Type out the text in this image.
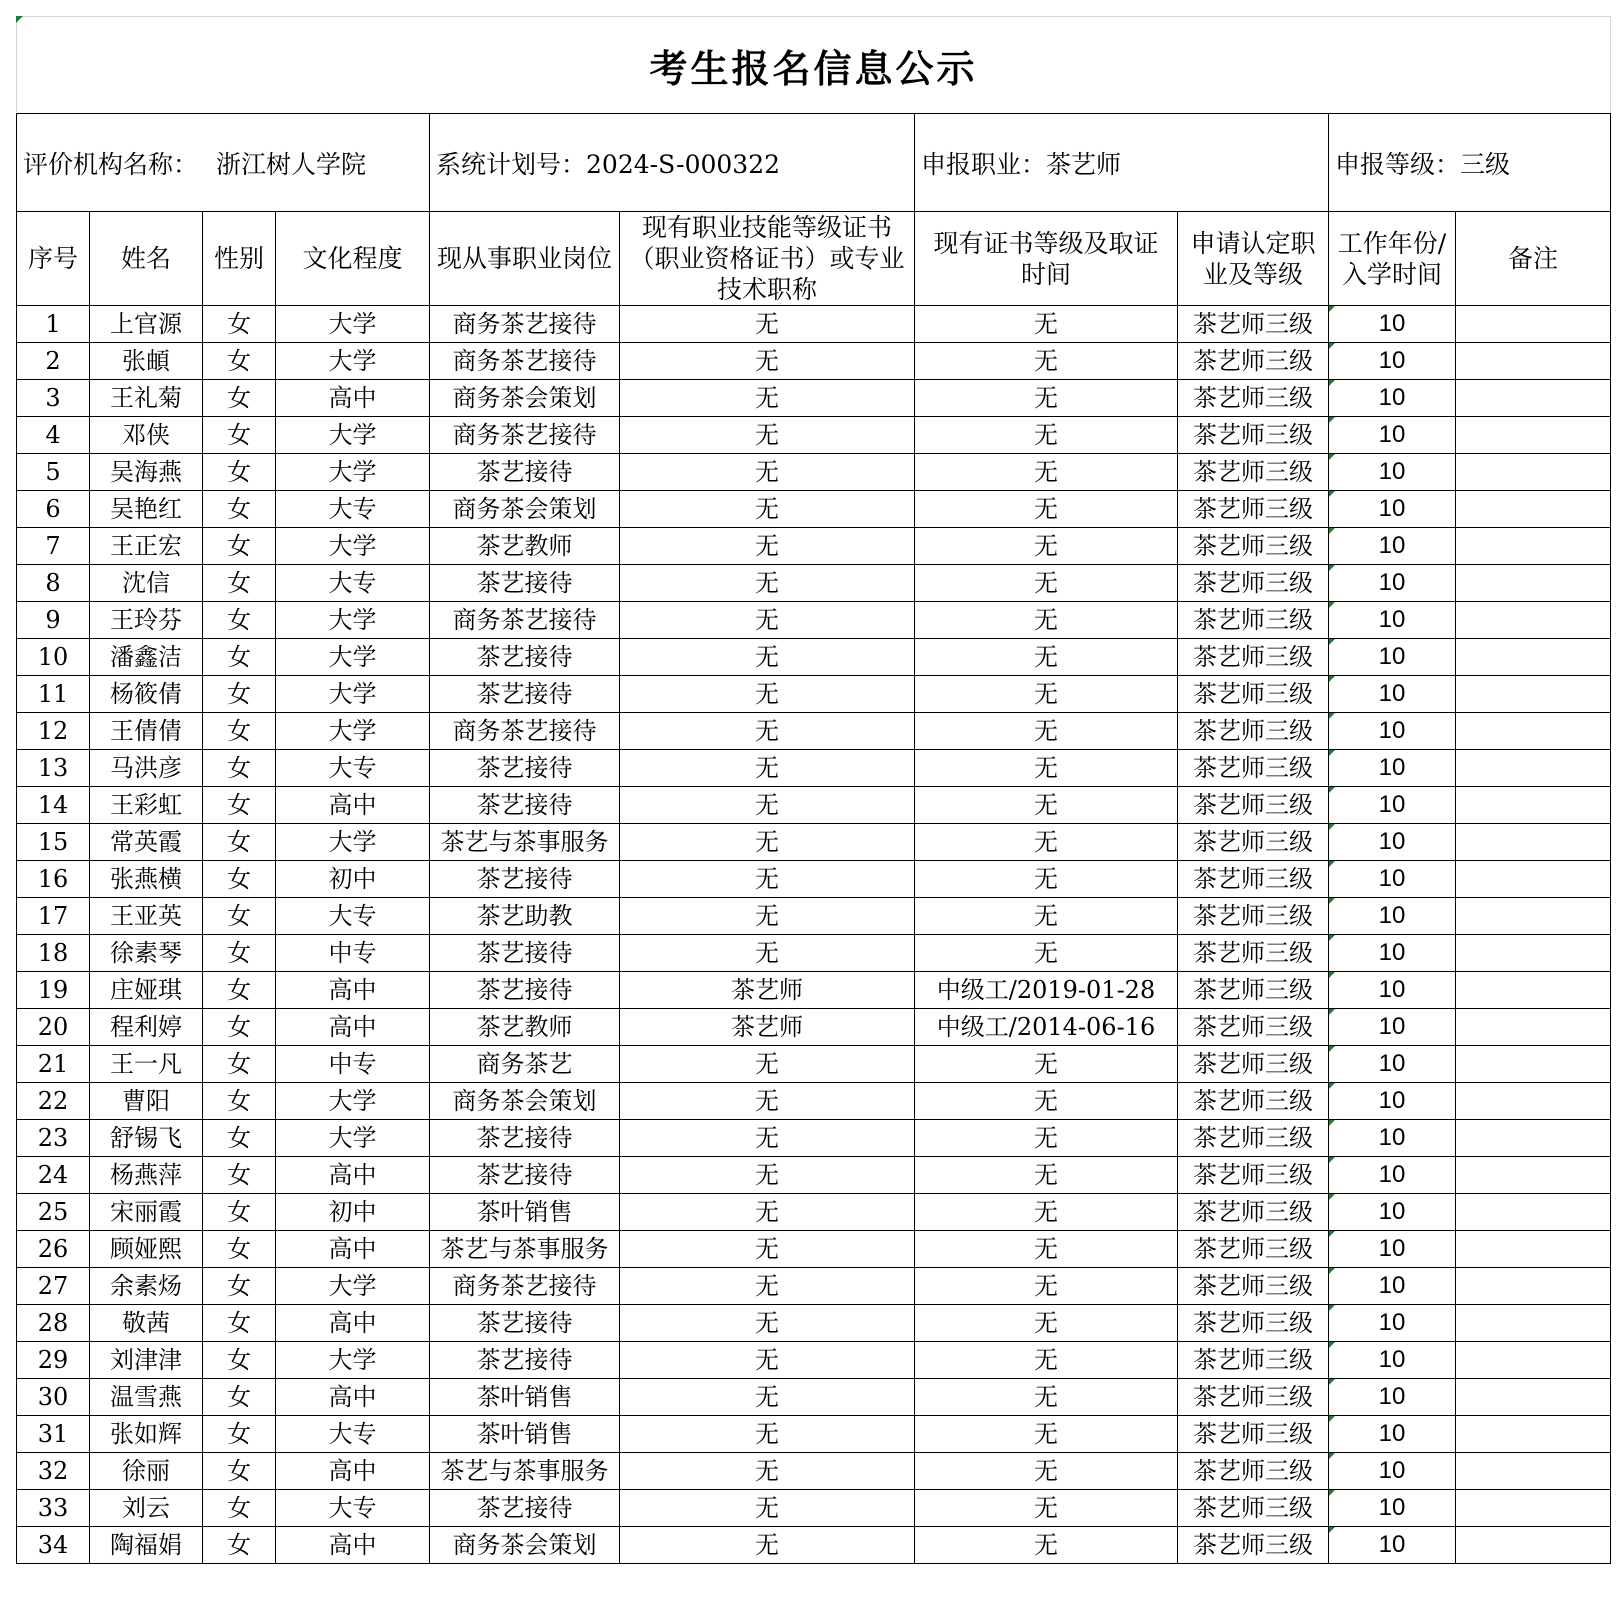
考生报名信息公示									
评价机构名称： 浙江树人学院				系统计划号：2024-S-000322		申报职业：茶艺师		申报等级：三级	
序号	姓名	性别	文化程度	现从事职业岗位	现有职业技能等级证书（职业资格证书）或专业技术职称	现有证书等级及取证时间	申请认定职业及等级	工作年份/入学时间	备注
1	上官源	女	大学	商务茶艺接待	无	无	茶艺师三级	10	
2	张頔	女	大学	商务茶艺接待	无	无	茶艺师三级	10	
3	王礼菊	女	高中	商务茶会策划	无	无	茶艺师三级	10	
4	邓侠	女	大学	商务茶艺接待	无	无	茶艺师三级	10	
5	吴海燕	女	大学	茶艺接待	无	无	茶艺师三级	10	
6	吴艳红	女	大专	商务茶会策划	无	无	茶艺师三级	10	
7	王正宏	女	大学	茶艺教师	无	无	茶艺师三级	10	
8	沈信	女	大专	茶艺接待	无	无	茶艺师三级	10	
9	王玲芬	女	大学	商务茶艺接待	无	无	茶艺师三级	10	
10	潘鑫洁	女	大学	茶艺接待	无	无	茶艺师三级	10	
11	杨筱倩	女	大学	茶艺接待	无	无	茶艺师三级	10	
12	王倩倩	女	大学	商务茶艺接待	无	无	茶艺师三级	10	
13	马洪彦	女	大专	茶艺接待	无	无	茶艺师三级	10	
14	王彩虹	女	高中	茶艺接待	无	无	茶艺师三级	10	
15	常英霞	女	大学	茶艺与茶事服务	无	无	茶艺师三级	10	
16	张燕横	女	初中	茶艺接待	无	无	茶艺师三级	10	
17	王亚英	女	大专	茶艺助教	无	无	茶艺师三级	10	
18	徐素琴	女	中专	茶艺接待	无	无	茶艺师三级	10	
19	庄娅琪	女	高中	茶艺接待	茶艺师	中级工/2019-01-28	茶艺师三级	10	
20	程利婷	女	高中	茶艺教师	茶艺师	中级工/2014-06-16	茶艺师三级	10	
21	王一凡	女	中专	商务茶艺	无	无	茶艺师三级	10	
22	曹阳	女	大学	商务茶会策划	无	无	茶艺师三级	10	
23	舒锡飞	女	大学	茶艺接待	无	无	茶艺师三级	10	
24	杨燕萍	女	高中	茶艺接待	无	无	茶艺师三级	10	
25	宋丽霞	女	初中	茶叶销售	无	无	茶艺师三级	10	
26	顾娅熙	女	高中	茶艺与茶事服务	无	无	茶艺师三级	10	
27	余素炀	女	大学	商务茶艺接待	无	无	茶艺师三级	10	
28	敬茜	女	高中	茶艺接待	无	无	茶艺师三级	10	
29	刘津津	女	大学	茶艺接待	无	无	茶艺师三级	10	
30	温雪燕	女	高中	茶叶销售	无	无	茶艺师三级	10	
31	张如辉	女	大专	茶叶销售	无	无	茶艺师三级	10	
32	徐丽	女	高中	茶艺与茶事服务	无	无	茶艺师三级	10	
33	刘云	女	大专	茶艺接待	无	无	茶艺师三级	10	
34	陶福娟	女	高中	商务茶会策划	无	无	茶艺师三级	10	
